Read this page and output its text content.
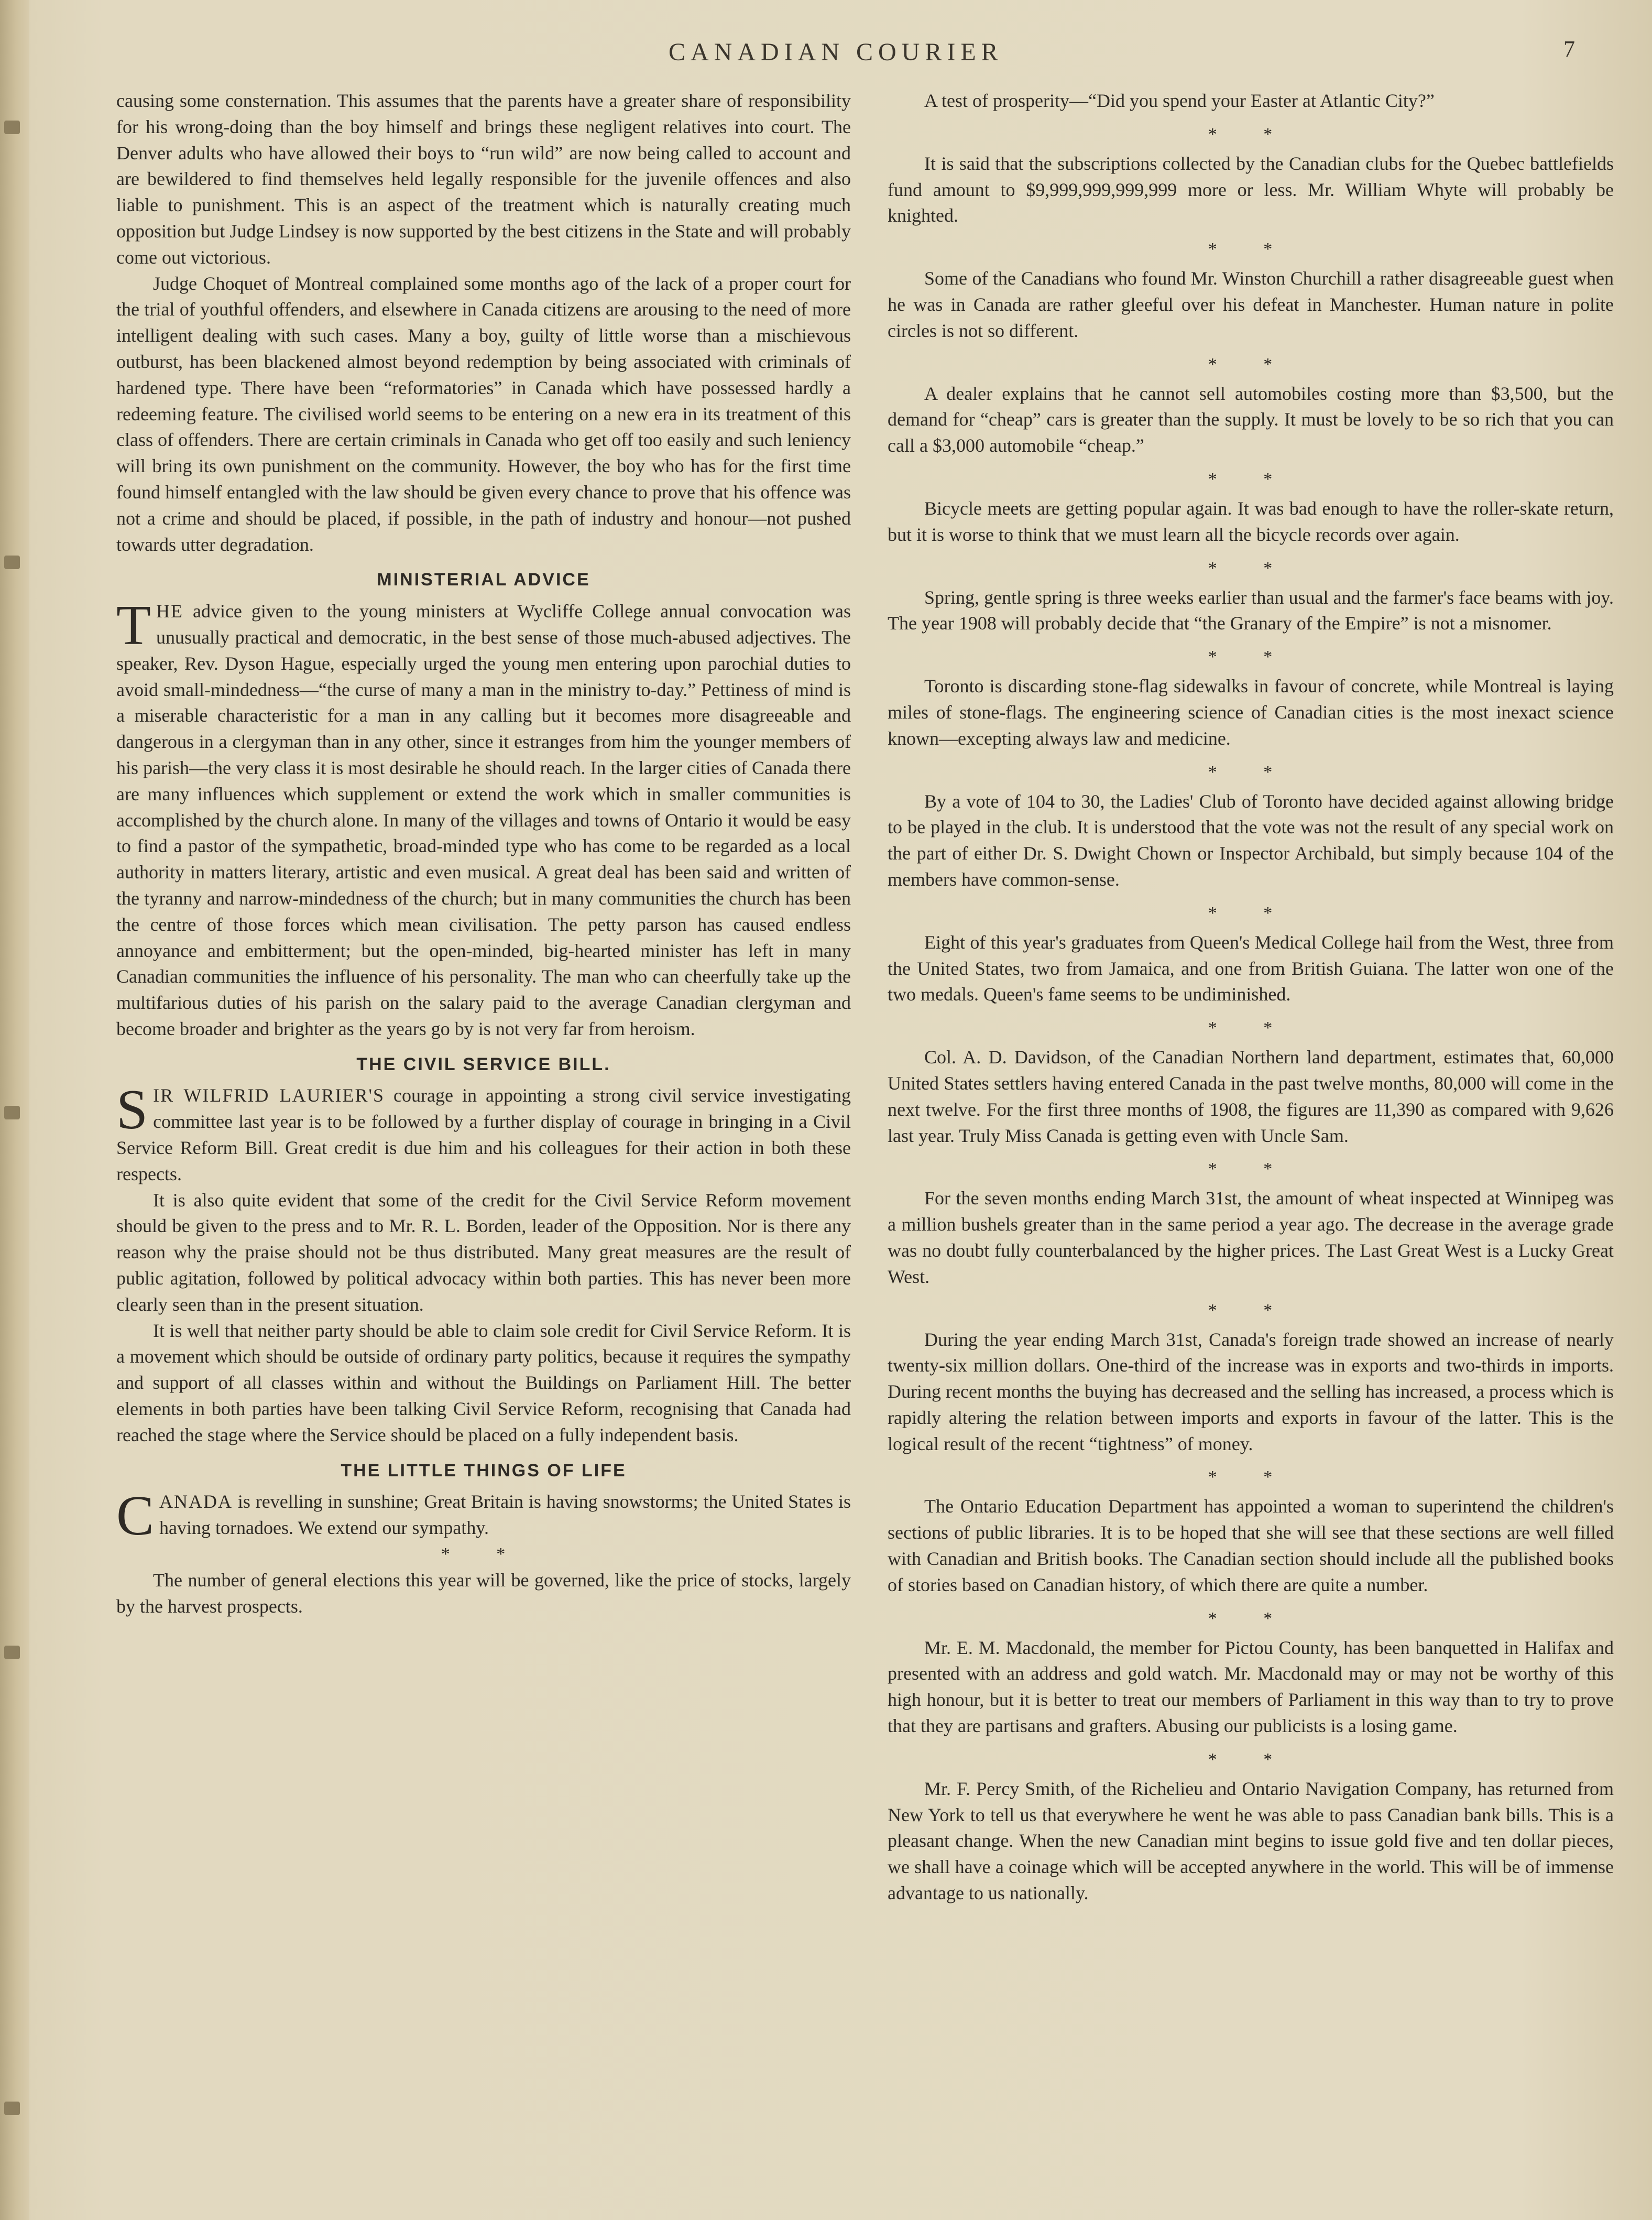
CANADIAN COURIER	7

causing some consternation. This assumes that the parents have a greater share of responsibility for his wrong-doing than the boy himself and brings these negligent relatives into court. The Denver adults who have allowed their boys to “run wild” are now being called to account and are bewildered to find themselves held legally responsible for the juvenile offences and also liable to punishment. This is an aspect of the treatment which is naturally creating much opposition but Judge Lindsey is now supported by the best citizens in the State and will probably come out victorious.

Judge Choquet of Montreal complained some months ago of the lack of a proper court for the trial of youthful offenders, and elsewhere in Canada citizens are arousing to the need of more intelligent dealing with such cases. Many a boy, guilty of little worse than a mischievous outburst, has been blackened almost beyond redemption by being associated with criminals of hardened type. There have been “reformatories” in Canada which have possessed hardly a redeeming feature. The civilised world seems to be entering on a new era in its treatment of this class of offenders. There are certain criminals in Canada who get off too easily and such leniency will bring its own punishment on the community. However, the boy who has for the first time found himself entangled with the law should be given every chance to prove that his offence was not a crime and should be placed, if possible, in the path of industry and honour—not pushed towards utter degradation.

MINISTERIAL ADVICE

THE advice given to the young ministers at Wycliffe College annual convocation was unusually practical and democratic, in the best sense of those much-abused adjectives. The speaker, Rev. Dyson Hague, especially urged the young men entering upon parochial duties to avoid small-mindedness—“the curse of many a man in the ministry to-day.” Pettiness of mind is a miserable characteristic for a man in any calling but it becomes more disagreeable and dangerous in a clergyman than in any other, since it estranges from him the younger members of his parish—the very class it is most desirable he should reach. In the larger cities of Canada there are many influences which supplement or extend the work which in smaller communities is accomplished by the church alone. In many of the villages and towns of Ontario it would be easy to find a pastor of the sympathetic, broad-minded type who has come to be regarded as a local authority in matters literary, artistic and even musical. A great deal has been said and written of the tyranny and narrow-mindedness of the church; but in many communities the church has been the centre of those forces which mean civilisation. The petty parson has caused endless annoyance and embitterment; but the open-minded, big-hearted minister has left in many Canadian communities the influence of his personality. The man who can cheerfully take up the multifarious duties of his parish on the salary paid to the average Canadian clergyman and become broader and brighter as the years go by is not very far from heroism.

THE CIVIL SERVICE BILL.

SIR WILFRID LAURIER'S courage in appointing a strong civil service investigating committee last year is to be followed by a further display of courage in bringing in a Civil Service Reform Bill. Great credit is due him and his colleagues for their action in both these respects.

It is also quite evident that some of the credit for the Civil Service Reform movement should be given to the press and to Mr. R. L. Borden, leader of the Opposition. Nor is there any reason why the praise should not be thus distributed. Many great measures are the result of public agitation, followed by political advocacy within both parties. This has never been more clearly seen than in the present situation.

It is well that neither party should be able to claim sole credit for Civil Service Reform. It is a movement which should be outside of ordinary party politics, because it requires the sympathy and support of all classes within and without the Buildings on Parliament Hill. The better elements in both parties have been talking Civil Service Reform, recognising that Canada had reached the stage where the Service should be placed on a fully independent basis.

THE LITTLE THINGS OF LIFE

CANADA is revelling in sunshine; Great Britain is having snowstorms; the United States is having tornadoes. We extend our sympathy.

* *

The number of general elections this year will be governed, like the price of stocks, largely by the harvest prospects.

A test of prosperity—“Did you spend your Easter at Atlantic City?”

* *

It is said that the subscriptions collected by the Canadian clubs for the Quebec battlefields fund amount to $9,999,999,999,999 more or less. Mr. William Whyte will probably be knighted.

* *

Some of the Canadians who found Mr. Winston Churchill a rather disagreeable guest when he was in Canada are rather gleeful over his defeat in Manchester. Human nature in polite circles is not so different.

* *

A dealer explains that he cannot sell automobiles costing more than $3,500, but the demand for “cheap” cars is greater than the supply. It must be lovely to be so rich that you can call a $3,000 automobile “cheap.”

* *

Bicycle meets are getting popular again. It was bad enough to have the roller-skate return, but it is worse to think that we must learn all the bicycle records over again.

* *

Spring, gentle spring is three weeks earlier than usual and the farmer's face beams with joy. The year 1908 will probably decide that “the Granary of the Empire” is not a misnomer.

* *

Toronto is discarding stone-flag sidewalks in favour of concrete, while Montreal is laying miles of stone-flags. The engineering science of Canadian cities is the most inexact science known—excepting always law and medicine.

* *

By a vote of 104 to 30, the Ladies' Club of Toronto have decided against allowing bridge to be played in the club. It is understood that the vote was not the result of any special work on the part of either Dr. S. Dwight Chown or Inspector Archibald, but simply because 104 of the members have common-sense.

* *

Eight of this year's graduates from Queen's Medical College hail from the West, three from the United States, two from Jamaica, and one from British Guiana. The latter won one of the two medals. Queen's fame seems to be undiminished.

* *

Col. A. D. Davidson, of the Canadian Northern land department, estimates that, 60,000 United States settlers having entered Canada in the past twelve months, 80,000 will come in the next twelve. For the first three months of 1908, the figures are 11,390 as compared with 9,626 last year. Truly Miss Canada is getting even with Uncle Sam.

* *

For the seven months ending March 31st, the amount of wheat inspected at Winnipeg was a million bushels greater than in the same period a year ago. The decrease in the average grade was no doubt fully counterbalanced by the higher prices. The Last Great West is a Lucky Great West.

* *

During the year ending March 31st, Canada's foreign trade showed an increase of nearly twenty-six million dollars. One-third of the increase was in exports and two-thirds in imports. During recent months the buying has decreased and the selling has increased, a process which is rapidly altering the relation between imports and exports in favour of the latter. This is the logical result of the recent “tightness” of money.

* *

The Ontario Education Department has appointed a woman to superintend the children's sections of public libraries. It is to be hoped that she will see that these sections are well filled with Canadian and British books. The Canadian section should include all the published books of stories based on Canadian history, of which there are quite a number.

* *

Mr. E. M. Macdonald, the member for Pictou County, has been banquetted in Halifax and presented with an address and gold watch. Mr. Macdonald may or may not be worthy of this high honour, but it is better to treat our members of Parliament in this way than to try to prove that they are partisans and grafters. Abusing our publicists is a losing game.

* *

Mr. F. Percy Smith, of the Richelieu and Ontario Navigation Company, has returned from New York to tell us that everywhere he went he was able to pass Canadian bank bills. This is a pleasant change. When the new Canadian mint begins to issue gold five and ten dollar pieces, we shall have a coinage which will be accepted anywhere in the world. This will be of immense advantage to us nationally.
